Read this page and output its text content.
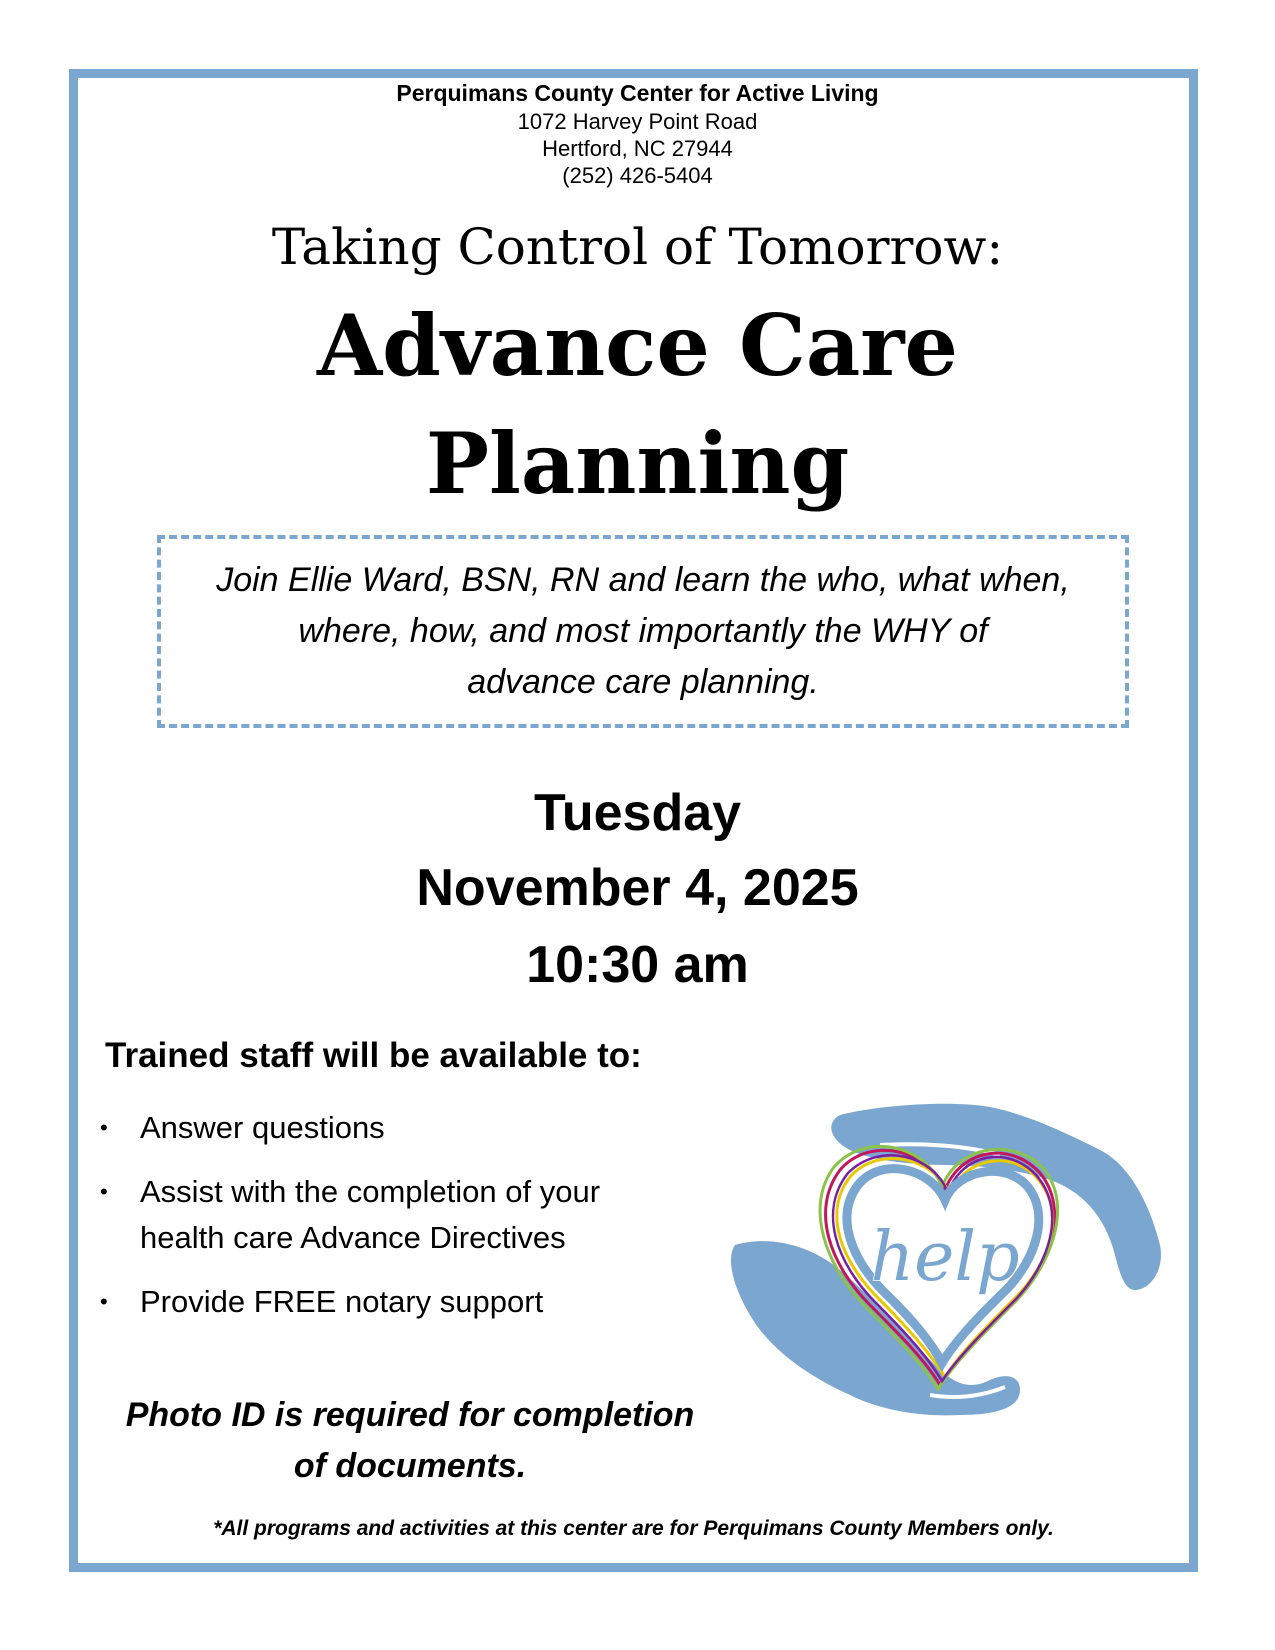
Perquimans County Center for Active Living
1072 Harvey Point Road
Hertford, NC 27944
(252) 426-5404
Taking Control of Tomorrow:
Advance Care
Planning

Join Ellie Ward, BSN, RN and learn the who, what when,
where, how, and most importantly the WHY of
advance care planning.

Tuesday
November 4, 2025
10:30 am
Trained staff will be available to:
• Answer questions
• Assist with the completion of your
health care Advance Directives
• Provide FREE notary support
Photo ID is required for completion
of documents.
help
*All programs and activities at this center are for Perquimans County Members only.
